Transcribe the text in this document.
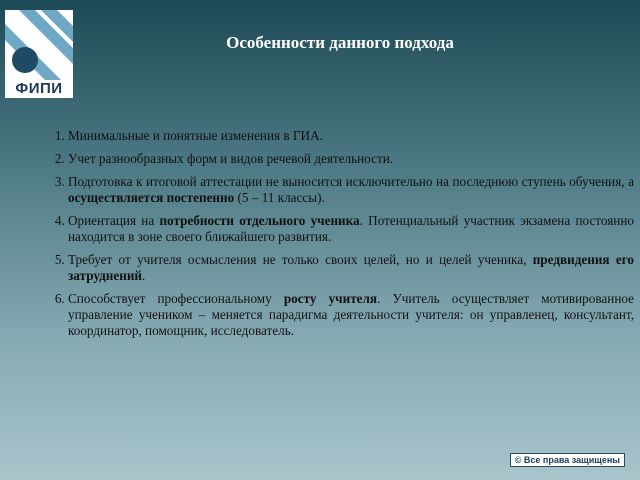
ФИПИ
Особенности данного подхода
1. Минимальные и понятные изменения в ГИА.
2. Учет разнообразных форм и видов речевой деятельности.
3. Подготовка к итоговой аттестации не выносится исключительно на последнюю ступень обучения, а осуществляется постепенно (5 – 11 классы).
4. Ориентация на потребности отдельного ученика. Потенциальный участник экзамена постоянно находится в зоне своего ближайшего развития.
5. Требует от учителя осмысления не только своих целей, но и целей ученика, предвидения его затруднений.
6. Способствует профессиональному росту учителя. Учитель осуществляет мотивированное управление учеником – меняется парадигма деятельности учителя: он управленец, консультант, координатор, помощник, исследователь.
© Все права защищены
